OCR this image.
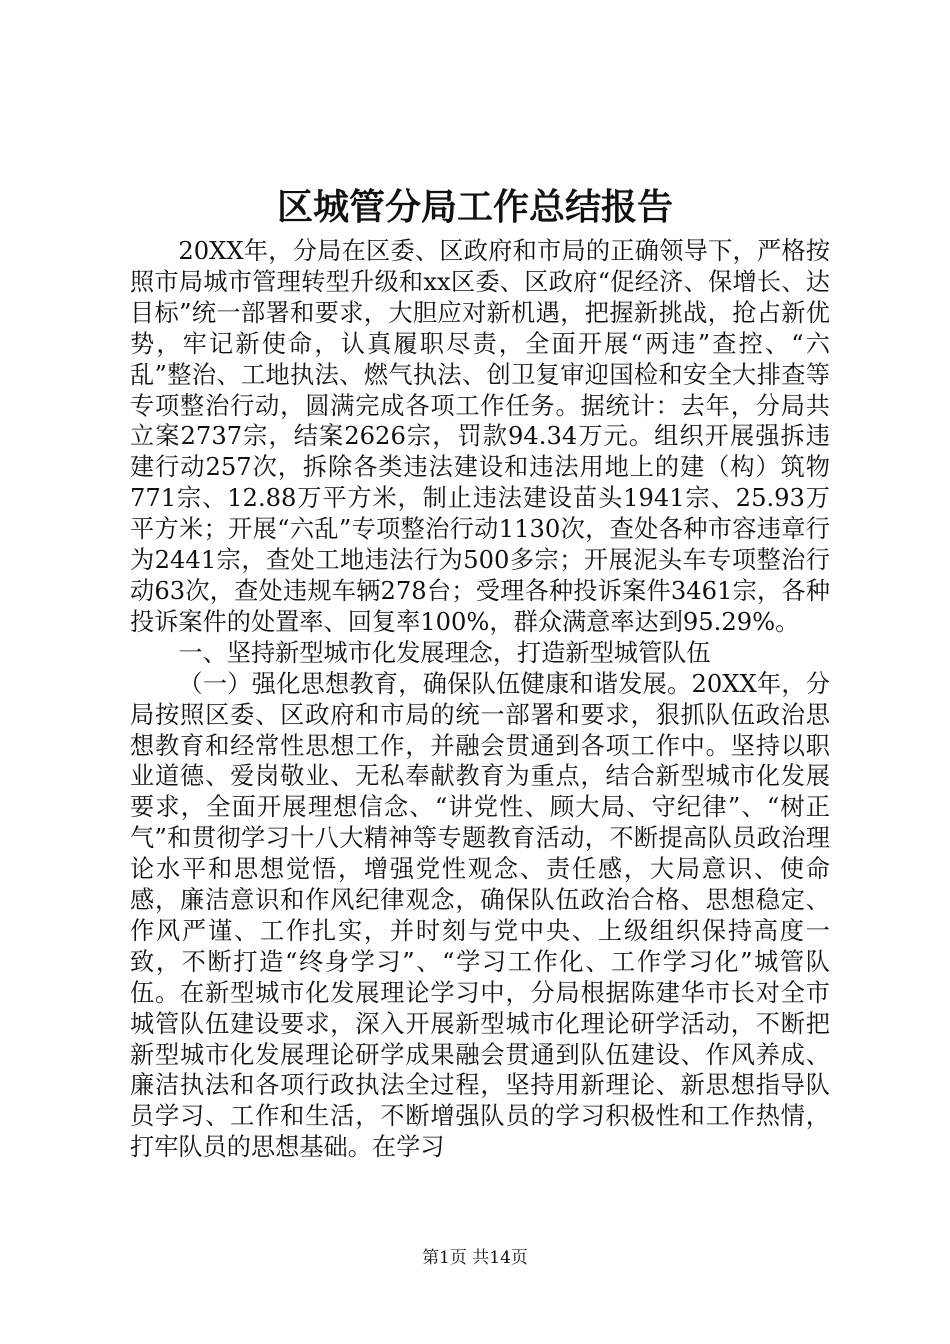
区城管分局工作总结报告

20XX年，分局在区委、区政府和市局的正确领导下，严格按照市局城市管理转型升级和xx区委、区政府“促经济、保增长、达目标”统一部署和要求，大胆应对新机遇，把握新挑战，抢占新优势，牢记新使命，认真履职尽责，全面开展“两违”查控、“六乱”整治、工地执法、燃气执法、创卫复审迎国检和安全大排查等专项整治行动，圆满完成各项工作任务。据统计：去年，分局共立案2737宗，结案2626宗，罚款94.34万元。组织开展强拆违建行动257次，拆除各类违法建设和违法用地上的建（构）筑物771宗、12.88万平方米，制止违法建设苗头1941宗、25.93万平方米；开展“六乱”专项整治行动1130次，查处各种市容违章行为2441宗，查处工地违法行为500多宗；开展泥头车专项整治行动63次，查处违规车辆278台；受理各种投诉案件3461宗，各种投诉案件的处置率、回复率100%，群众满意率达到95.29%。

一、坚持新型城市化发展理念，打造新型城管队伍

（一）强化思想教育，确保队伍健康和谐发展。20XX年，分局按照区委、区政府和市局的统一部署和要求，狠抓队伍政治思想教育和经常性思想工作，并融会贯通到各项工作中。坚持以职业道德、爱岗敬业、无私奉献教育为重点，结合新型城市化发展要求，全面开展理想信念、“讲党性、顾大局、守纪律”、“树正气”和贯彻学习十八大精神等专题教育活动，不断提高队员政治理论水平和思想觉悟，增强党性观念、责任感，大局意识、使命感，廉洁意识和作风纪律观念，确保队伍政治合格、思想稳定、作风严谨、工作扎实，并时刻与党中央、上级组织保持高度一致，不断打造“终身学习”、“学习工作化、工作学习化”城管队伍。在新型城市化发展理论学习中，分局根据陈建华市长对全市城管队伍建设要求，深入开展新型城市化理论研学活动，不断把新型城市化发展理论研学成果融会贯通到队伍建设、作风养成、廉洁执法和各项行政执法全过程，坚持用新理论、新思想指导队员学习、工作和生活，不断增强队员的学习积极性和工作热情，打牢队员的思想基础。在学习

第1页 共14页
